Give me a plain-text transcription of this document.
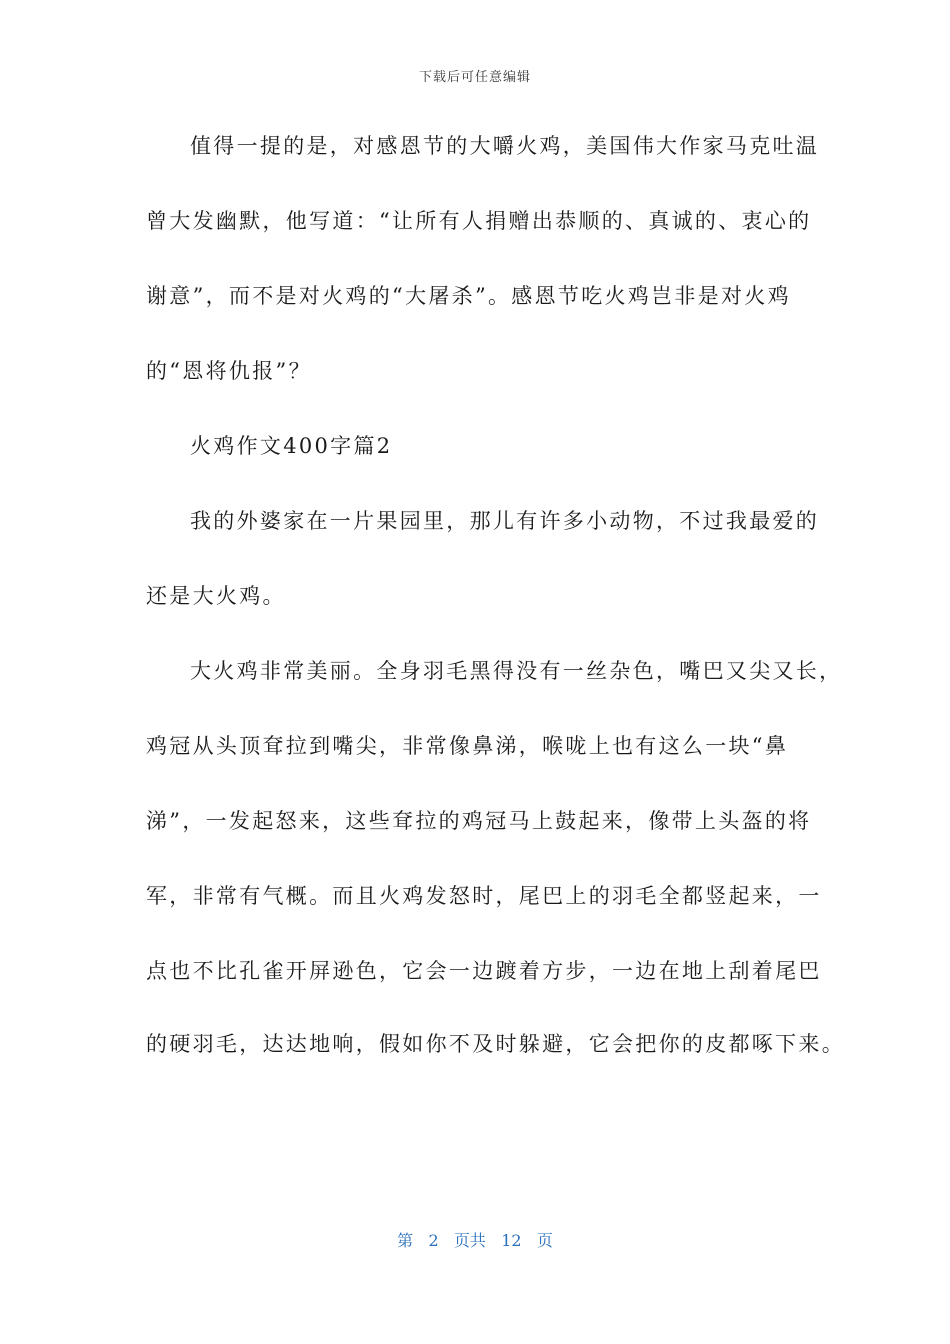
下载后可任意编辑
值得一提的是，对感恩节的大嚼火鸡，美国伟大作家马克吐温
曾大发幽默，他写道：“让所有人捐赠出恭顺的、真诚的、衷心的
谢意”，而不是对火鸡的“大屠杀”。感恩节吃火鸡岂非是对火鸡
的“恩将仇报”？
火鸡作文400字篇2
我的外婆家在一片果园里，那儿有许多小动物，不过我最爱的
还是大火鸡。
大火鸡非常美丽。全身羽毛黑得没有一丝杂色，嘴巴又尖又长，
鸡冠从头顶耷拉到嘴尖，非常像鼻涕，喉咙上也有这么一块“鼻
涕”，一发起怒来，这些耷拉的鸡冠马上鼓起来，像带上头盔的将
军，非常有气概。而且火鸡发怒时，尾巴上的羽毛全都竖起来，一
点也不比孔雀开屏逊色，它会一边踱着方步，一边在地上刮着尾巴
的硬羽毛，达达地响，假如你不及时躲避，它会把你的皮都啄下来。
第 2 页共 12 页
